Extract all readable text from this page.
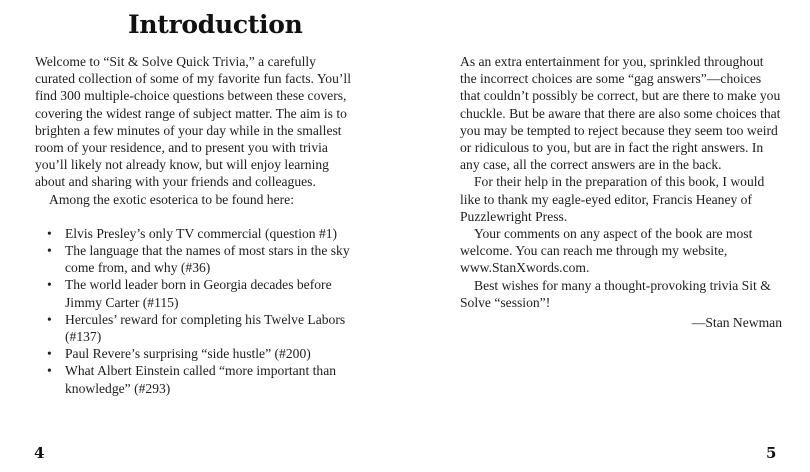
Introduction

Welcome to “Sit & Solve Quick Trivia,” a carefully curated collection of some of my favorite fun facts. You’ll find 300 multiple-choice questions between these covers, covering the widest range of subject matter. The aim is to brighten a few minutes of your day while in the smallest room of your residence, and to present you with trivia you’ll likely not already know, but will enjoy learning about and sharing with your friends and colleagues.

Among the exotic esoterica to be found here:

• Elvis Presley’s only TV commercial (question #1)
• The language that the names of most stars in the sky come from, and why (#36)
• The world leader born in Georgia decades before Jimmy Carter (#115)
• Hercules’ reward for completing his Twelve Labors (#137)
• Paul Revere’s surprising “side hustle” (#200)
• What Albert Einstein called “more important than knowledge” (#293)
4

As an extra entertainment for you, sprinkled throughout the incorrect choices are some “gag answers”—choices that couldn’t possibly be correct, but are there to make you chuckle. But be aware that there are also some choices that you may be tempted to reject because they seem too weird or ridiculous to you, but are in fact the right answers. In any case, all the correct answers are in the back.

For their help in the preparation of this book, I would like to thank my eagle-eyed editor, Francis Heaney of Puzzlewright Press.

Your comments on any aspect of the book are most welcome. You can reach me through my website, www.StanXwords.com.

Best wishes for many a thought-provoking trivia Sit & Solve “session”!

—Stan Newman

5
